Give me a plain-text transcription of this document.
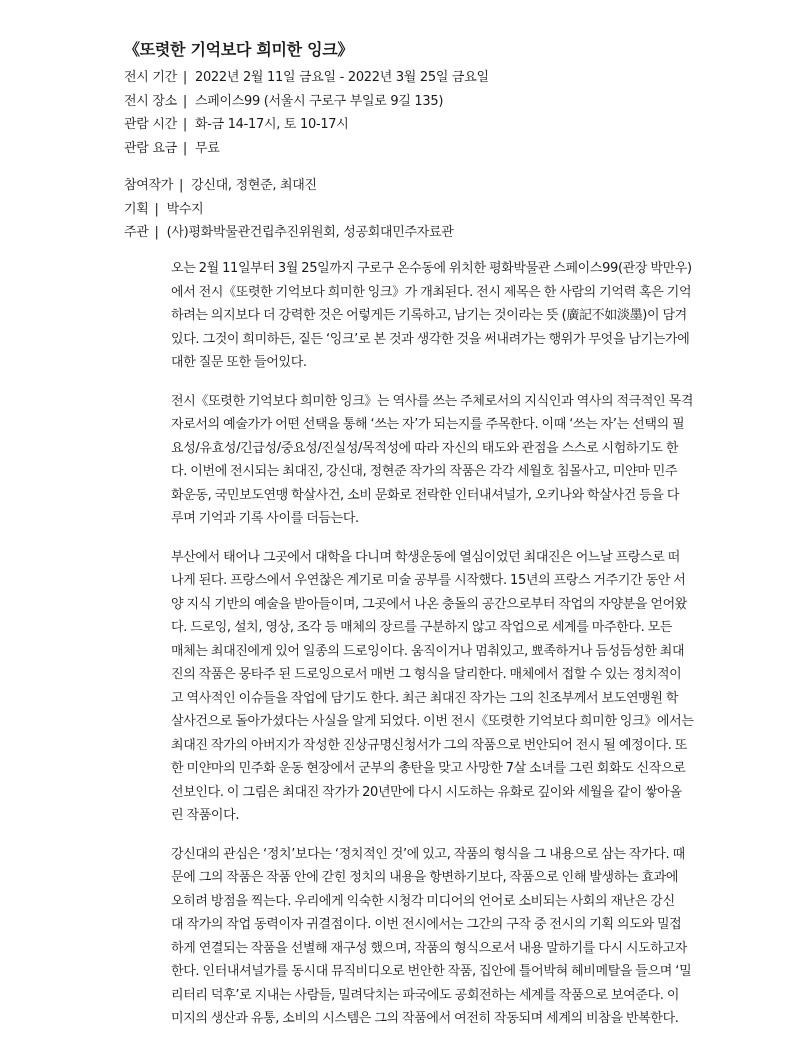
《또렷한 기억보다 희미한 잉크》
전시 기간 | 2022년 2월 11일 금요일 - 2022년 3월 25일 금요일
전시 장소 | 스페이스99 (서울시 구로구 부일로 9길 135)
관람 시간 | 화-금 14-17시, 토 10-17시
관람 요금 | 무료
참여작가 | 강신대, 정현준, 최대진
기획 | 박수지
주관 | (사)평화박물관건립추진위원회, 성공회대민주자료관
오는 2월 11일부터 3월 25일까지 구로구 온수동에 위치한 평화박물관 스페이스99(관장 박만우)
에서 전시《또렷한 기억보다 희미한 잉크》가 개최된다. 전시 제목은 한 사람의 기억력 혹은 기억
하려는 의지보다 더 강력한 것은 어렇게든 기록하고, 남기는 것이라는 뜻 (廣記不如淡墨)이 담겨
있다. 그것이 희미하든, 짙든 ‘잉크’로 본 것과 생각한 것을 써내려가는 행위가 무엇을 남기는가에
대한 질문 또한 들어있다.
전시《또렷한 기억보다 희미한 잉크》는 역사를 쓰는 주체로서의 지식인과 역사의 적극적인 목격
자로서의 예술가가 어떤 선택을 통해 ‘쓰는 자’가 되는지를 주목한다. 이때 ‘쓰는 자’는 선택의 필
요성/유효성/긴급성/중요성/진실성/목적성에 따라 자신의 태도와 관점을 스스로 시험하기도 한
다. 이번에 전시되는 최대진, 강신대, 정현준 작가의 작품은 각각 세월호 침몰사고, 미얀마 민주
화운동, 국민보도연맹 학살사건, 소비 문화로 전락한 인터내셔널가, 오키나와 학살사건 등을 다
루며 기억과 기록 사이를 더듬는다.
부산에서 태어나 그곳에서 대학을 다니며 학생운동에 열심이었던 최대진은 어느날 프랑스로 떠
나게 된다. 프랑스에서 우연찮은 계기로 미술 공부를 시작했다. 15년의 프랑스 거주기간 동안 서
양 지식 기반의 예술을 받아들이며, 그곳에서 나온 충돌의 공간으로부터 작업의 자양분을 얻어왔
다. 드로잉, 설치, 영상, 조각 등 매체의 장르를 구분하지 않고 작업으로 세계를 마주한다. 모든
매체는 최대진에게 있어 일종의 드로잉이다. 움직이거나 멈춰있고, 뾰족하거나 듬성듬성한 최대
진의 작품은 몽타주 된 드로잉으로서 매번 그 형식을 달리한다. 매체에서 접할 수 있는 정치적이
고 역사적인 이슈들을 작업에 담기도 한다. 최근 최대진 작가는 그의 친조부께서 보도연맹원 학
살사건으로 돌아가셨다는 사실을 알게 되었다. 이번 전시《또렷한 기억보다 희미한 잉크》에서는
최대진 작가의 아버지가 작성한 진상규명신청서가 그의 작품으로 번안되어 전시 될 예정이다. 또
한 미얀마의 민주화 운동 현장에서 군부의 총탄을 맞고 사망한 7살 소녀를 그린 회화도 신작으로
선보인다. 이 그림은 최대진 작가가 20년만에 다시 시도하는 유화로 깊이와 세월을 같이 쌓아올
린 작품이다.
강신대의 관심은 ‘정치’보다는 ‘정치적인 것’에 있고, 작품의 형식을 그 내용으로 삼는 작가다. 때
문에 그의 작품은 작품 안에 갇힌 정치의 내용을 항변하기보다, 작품으로 인해 발생하는 효과에
오히려 방점을 찍는다. 우리에게 익숙한 시청각 미디어의 언어로 소비되는 사회의 재난은 강신
대 작가의 작업 동력이자 귀결점이다. 이번 전시에서는 그간의 구작 중 전시의 기획 의도와 밀접
하게 연결되는 작품을 선별해 재구성 했으며, 작품의 형식으로서 내용 말하기를 다시 시도하고자
한다. 인터내셔널가를 동시대 뮤직비디오로 번안한 작품, 집안에 틀어박혀 헤비메탈을 들으며 ‘밀
리터리 덕후’로 지내는 사람들, 밀려닥치는 파국에도 공회전하는 세계를 작품으로 보여준다. 이
미지의 생산과 유통, 소비의 시스템은 그의 작품에서 여전히 작동되며 세계의 비참을 반복한다.
